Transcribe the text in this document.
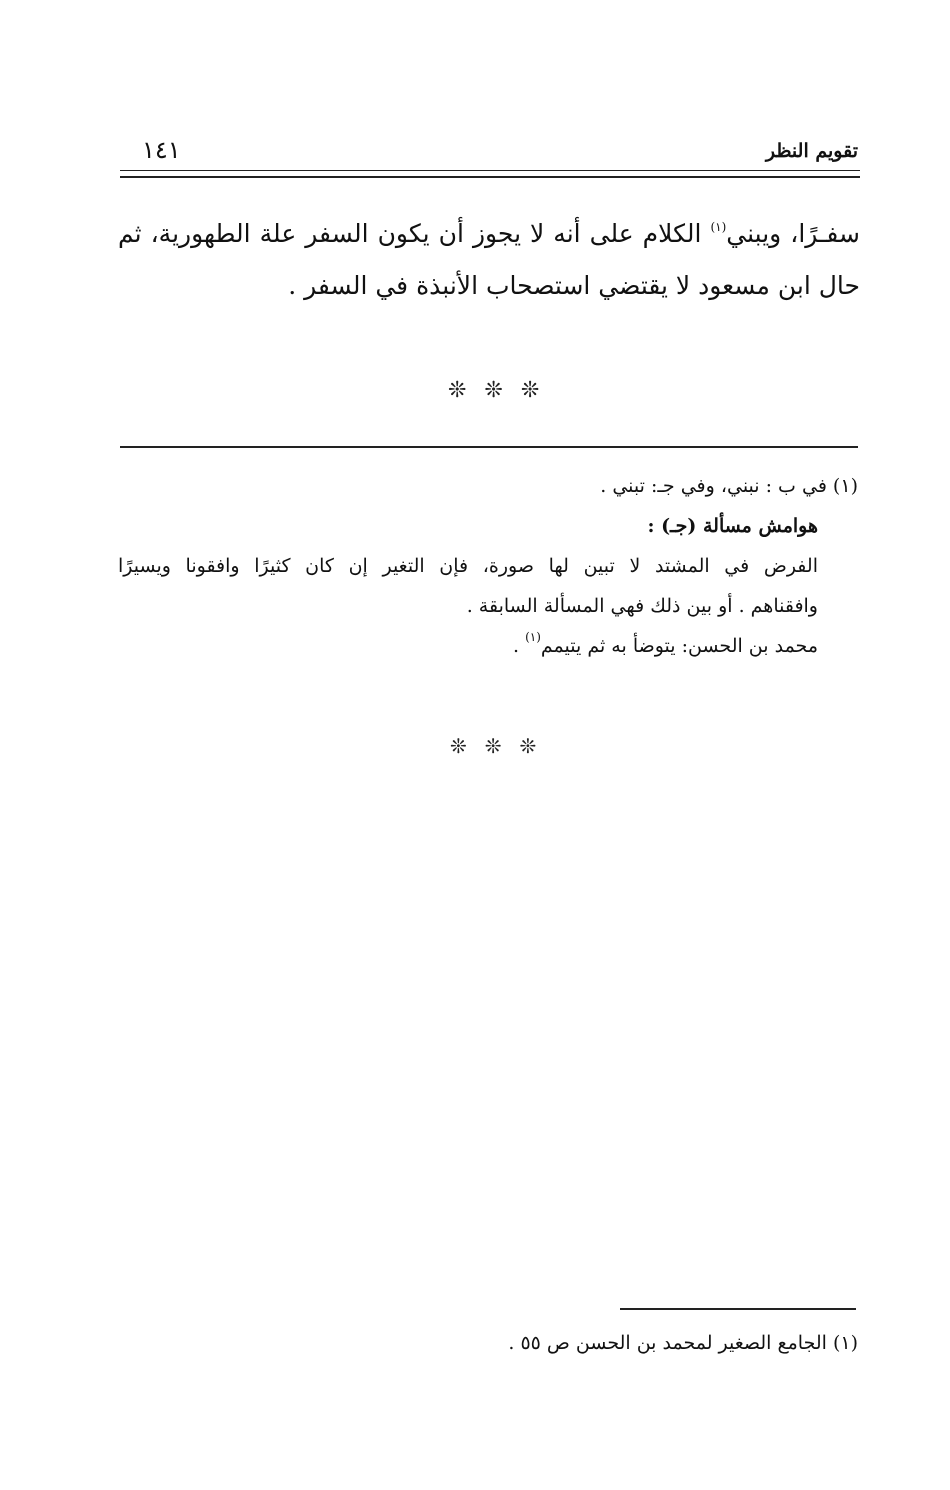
تقويم النظر
١٤١

سفـرًا، ويبني$^{(١)}$ الكلام على أنه لا يجوز أن يكون السفر علة الطهورية، ثم

حال ابن مسعود لا يقتضي استصحاب الأنبذة في السفر .

❊❊❊

(١) في ب : نبني، وفي جـ: تبني .

هوامش مسألة (جـ) :

الفرض في المشتد لا تبين لها صورة، فإن التغير إن كان كثيرًا وافقونا ويسيرًا

وافقناهم . أو بين ذلك فهي المسألة السابقة .

محمد بن الحسن: يتوضأ به ثم يتيمم$^{(١)}$ .

❊❊❊
(١) الجامع الصغير لمحمد بن الحسن ص ٥٥ .
